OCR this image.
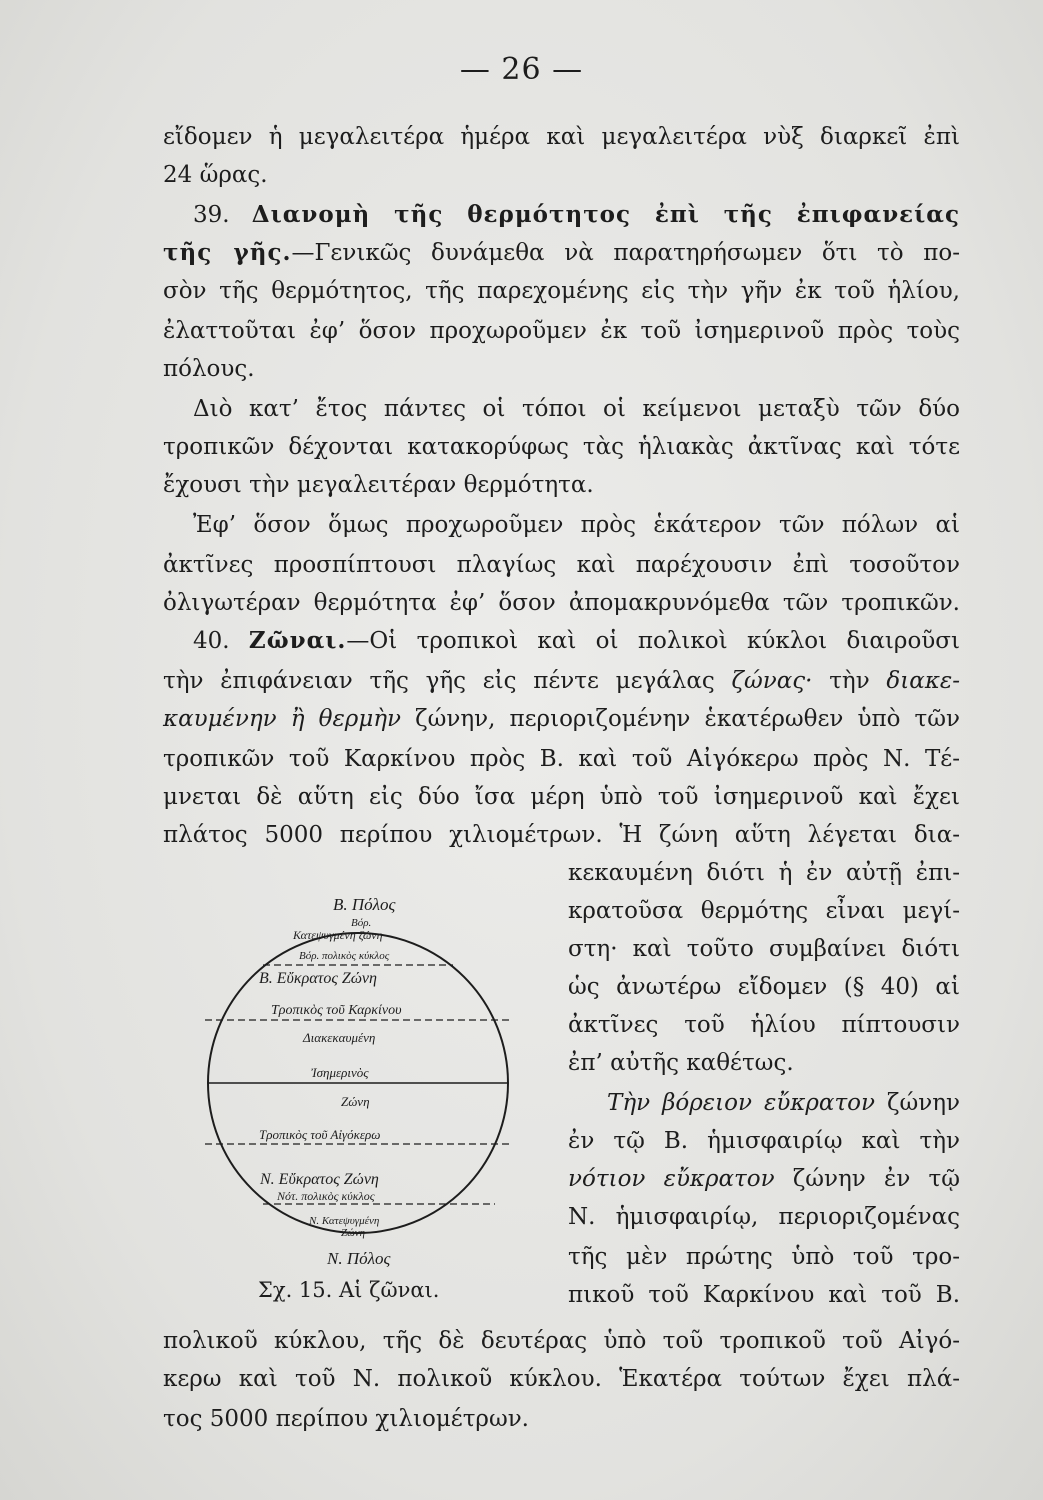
— 26 —
εἴδομεν ἡ μεγαλειτέρα ἡμέρα καὶ μεγαλειτέρα νὺξ διαρκεῖ ἐπὶ
24 ὥρας.
39. Διανομὴ τῆς θερμότητος ἐπὶ τῆς ἐπιφανείας
τῆς γῆς.—Γενικῶς δυνάμεθα νὰ παρατηρήσωμεν ὅτι τὸ πο-
σὸν τῆς θερμότητος, τῆς παρεχομένης εἰς τὴν γῆν ἐκ τοῦ ἡλίου,
ἐλαττοῦται ἐφ’ ὅσον προχωροῦμεν ἐκ τοῦ ἰσημερινοῦ πρὸς τοὺς
πόλους.
Διὸ κατ’ ἔτος πάντες οἱ τόποι οἱ κείμενοι μεταξὺ τῶν δύο
τροπικῶν δέχονται κατακορύφως τὰς ἡλιακὰς ἀκτῖνας καὶ τότε
ἔχουσι τὴν μεγαλειτέραν θερμότητα.
Ἐφ’ ὅσον ὅμως προχωροῦμεν πρὸς ἑκάτερον τῶν πόλων αἱ
ἀκτῖνες προσπίπτουσι πλαγίως καὶ παρέχουσιν ἐπὶ τοσοῦτον
ὀλιγωτέραν θερμότητα ἐφ’ ὅσον ἀπομακρυνόμεθα τῶν τροπικῶν.
40. Ζῶναι.—Οἱ τροπικοὶ καὶ οἱ πολικοὶ κύκλοι διαιροῦσι
τὴν ἐπιφάνειαν τῆς γῆς εἰς πέντε μεγάλας ζώνας· τὴν διακε-
καυμένην ἢ θερμὴν ζώνην, περιοριζομένην ἑκατέρωθεν ὑπὸ τῶν
τροπικῶν τοῦ Καρκίνου πρὸς Β. καὶ τοῦ Αἰγόκερω πρὸς Ν. Τέ-
μνεται δὲ αὕτη εἰς δύο ἴσα μέρη ὑπὸ τοῦ ἰσημερινοῦ καὶ ἔχει
πλάτος 5000 περίπου χιλιομέτρων. Ἡ ζώνη αὕτη λέγεται δια-
κεκαυμένη διότι ἡ ἐν αὐτῇ ἐπι-
κρατοῦσα θερμότης εἶναι μεγί-
στη· καὶ τοῦτο συμβαίνει διότι
ὡς ἀνωτέρω εἴδομεν (§ 40) αἱ
ἀκτῖνες τοῦ ἡλίου πίπτουσιν
ἐπ’ αὐτῆς καθέτως.
Τὴν βόρειον εὔκρατον ζώνην
ἐν τῷ Β. ἡμισφαιρίῳ καὶ τὴν
νότιον εὔκρατον ζώνην ἐν τῷ
Ν. ἡμισφαιρίῳ, περιοριζομένας
τῆς μὲν πρώτης ὑπὸ τοῦ τρο-
πικοῦ τοῦ Καρκίνου καὶ τοῦ Β.
Β. Πόλος
Βόρ.
Κατεψυγμένη ζώνη
Βόρ. πολικὸς κύκλος
Β. Εὔκρατος Ζώνη
Τροπικὸς τοῦ Καρκίνου
Διακεκαυμένη
Ἰσημερινὸς
Ζώνη
Τροπικὸς τοῦ Αἰγόκερω
Ν. Εὔκρατος Ζώνη
Νότ. πολικὸς κύκλος
Ν. Κατεψυγμένη
Ζώνη
Ν. Πόλος
Σχ. 15. Αἱ ζῶναι.
πολικοῦ κύκλου, τῆς δὲ δευτέρας ὑπὸ τοῦ τροπικοῦ τοῦ Αἰγό-
κερω καὶ τοῦ Ν. πολικοῦ κύκλου. Ἑκατέρα τούτων ἔχει πλά-
τος 5000 περίπου χιλιομέτρων.
